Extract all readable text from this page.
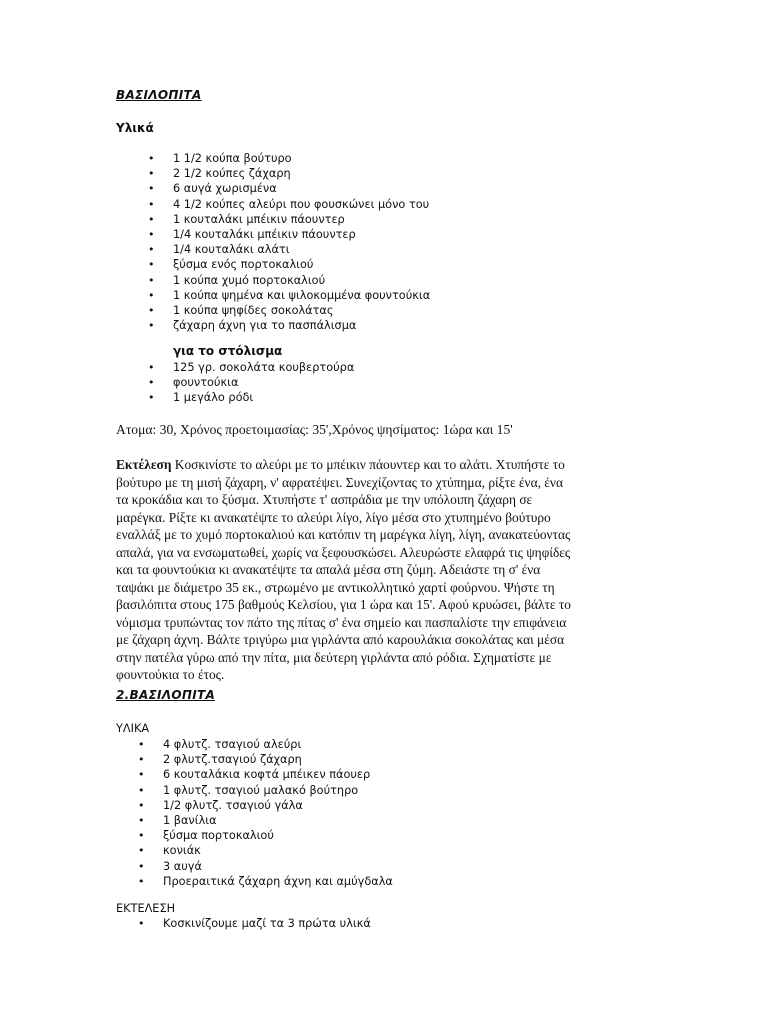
ΒΑΣΙΛΟΠΙΤΑ
Υλικά
• 1 1/2 κούπα βούτυρο
• 2 1/2 κούπες ζάχαρη
• 6 αυγά χωρισμένα
• 4 1/2 κούπες αλεύρι που φουσκώνει μόνο του
• 1 κουταλάκι μπέικιν πάουντερ
• 1/4 κουταλάκι μπέικιν πάουντερ
• 1/4 κουταλάκι αλάτι
• ξύσμα ενός πορτοκαλιού
• 1 κούπα χυμό πορτοκαλιού
• 1 κούπα ψημένα και ψιλοκομμένα φουντούκια
• 1 κούπα ψηφίδες σοκολάτας
• ζάχαρη άχνη για το πασπάλισμα
για το στόλισμα
• 125 γρ. σοκολάτα κουβερτούρα
• φουντούκια
• 1 μεγάλο ρόδι
Ατομα: 30, Χρόνος προετοιμασίας: 35',Χρόνος ψησίματος: 1ώρα και 15'
Εκτέλεση Κοσκινίστε το αλεύρι με το μπέικιν πάουντερ και το αλάτι. Χτυπήστε το
βούτυρο με τη μισή ζάχαρη, ν' αφρατέψει. Συνεχίζοντας το χτύπημα, ρίξτε ένα, ένα
τα κροκάδια και το ξύσμα. Χτυπήστε τ' ασπράδια με την υπόλοιπη ζάχαρη σε
μαρέγκα. Ρίξτε κι ανακατέψτε το αλεύρι λίγο, λίγο μέσα στο χτυπημένο βούτυρο
εναλλάξ με το χυμό πορτοκαλιού και κατόπιν τη μαρέγκα λίγη, λίγη, ανακατεύοντας
απαλά, για να ενσωματωθεί, χωρίς να ξεφουσκώσει. Αλευρώστε ελαφρά τις ψηφίδες
και τα φουντούκια κι ανακατέψτε τα απαλά μέσα στη ζύμη. Αδειάστε τη σ' ένα
ταψάκι με διάμετρο 35 εκ., στρωμένο με αντικολλητικό χαρτί φούρνου. Ψήστε τη
βασιλόπιτα στους 175 βαθμούς Κελσίου, για 1 ώρα και 15'. Αφού κρυώσει, βάλτε το
νόμισμα τρυπώντας τον πάτο της πίτας σ' ένα σημείο και πασπαλίστε την επιφάνεια
με ζάχαρη άχνη. Βάλτε τριγύρω μια γιρλάντα από καρουλάκια σοκολάτας και μέσα
στην πατέλα γύρω από την πίτα, μια δεύτερη γιρλάντα από ρόδια. Σχηματίστε με
φουντούκια το έτος.
2.ΒΑΣΙΛΟΠΙΤΑ
ΥΛΙΚΑ
• 4 φλυτζ. τσαγιού αλεύρι
• 2 φλυτζ.τσαγιού ζάχαρη
• 6 κουταλάκια κοφτά μπέικεν πάουερ
• 1 φλυτζ. τσαγιού μαλακό βούτηρο
• 1/2 φλυτζ. τσαγιού γάλα
• 1 βανίλια
• ξύσμα πορτοκαλιού
• κονιάκ
• 3 αυγά
• Προεραιτικά ζάχαρη άχνη και αμύγδαλα
ΕΚΤΕΛΕΣΗ
• Κοσκινίζουμε μαζί τα 3 πρώτα υλικά
